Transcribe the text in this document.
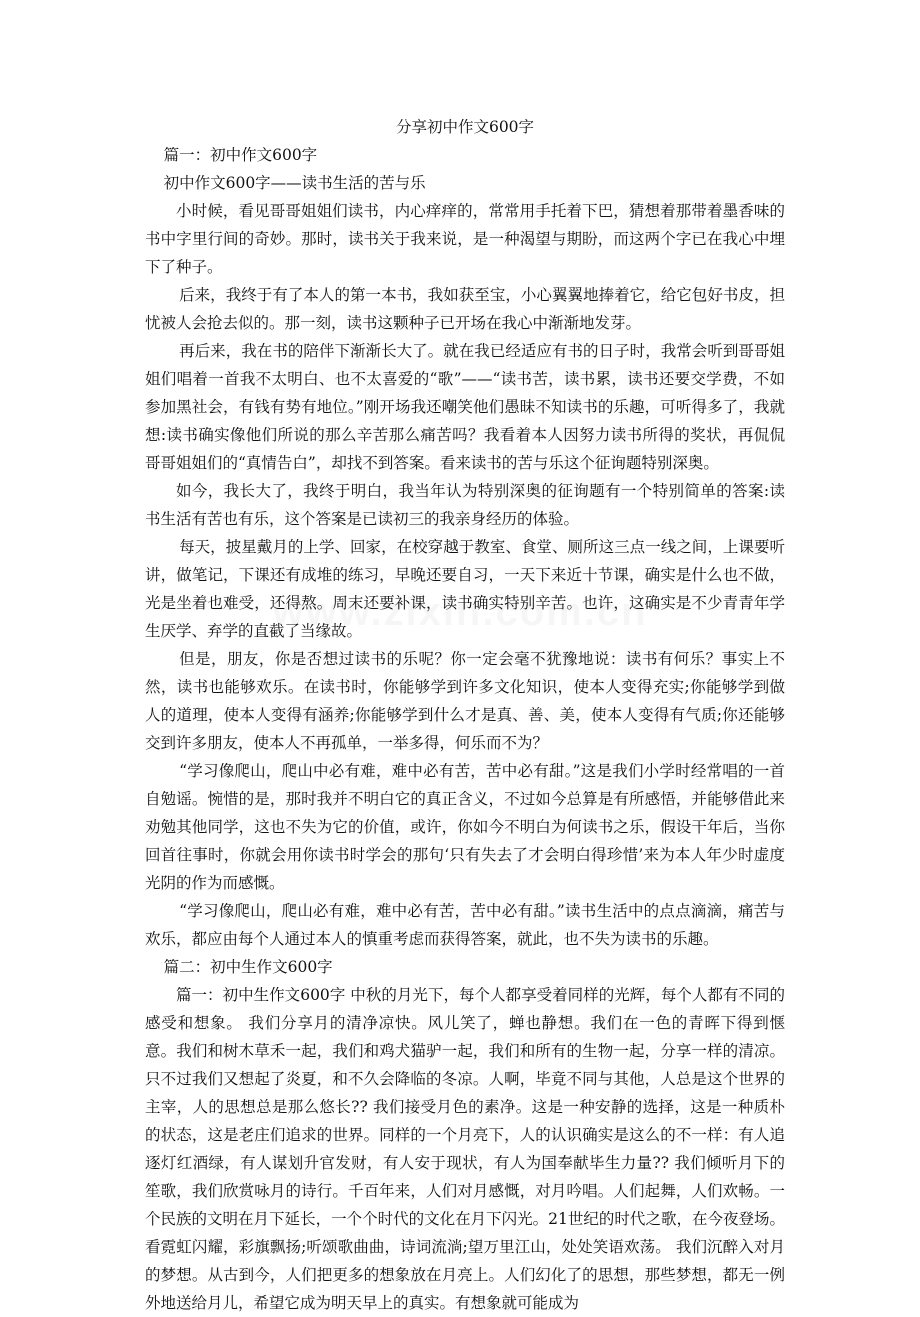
分享初中作文600字

篇一：初中作文600字

初中作文600字——读书生活的苦与乐

小时候，看见哥哥姐姐们读书，内心痒痒的，常常用手托着下巴，猜想着那带着墨香味的书中字里行间的奇妙。那时，读书关于我来说，是一种渴望与期盼，而这两个字已在我心中埋下了种子。

后来，我终于有了本人的第一本书，我如获至宝，小心翼翼地捧着它，给它包好书皮，担忧被人会抢去似的。那一刻，读书这颗种子已开场在我心中渐渐地发芽。

再后来，我在书的陪伴下渐渐长大了。就在我已经适应有书的日子时，我常会听到哥哥姐姐们唱着一首我不太明白、也不太喜爱的“歌”——“读书苦，读书累，读书还要交学费，不如参加黑社会，有钱有势有地位。”刚开场我还嘲笑他们愚昧不知读书的乐趣，可听得多了，我就想:读书确实像他们所说的那么辛苦那么痛苦吗？我看着本人因努力读书所得的奖状，再侃侃哥哥姐姐们的“真情告白”，却找不到答案。看来读书的苦与乐这个征询题特别深奥。

如今，我长大了，我终于明白，我当年认为特别深奥的征询题有一个特别简单的答案:读书生活有苦也有乐，这个答案是已读初三的我亲身经历的体验。

每天，披星戴月的上学、回家，在校穿越于教室、食堂、厕所这三点一线之间，上课要听讲，做笔记，下课还有成堆的练习，早晚还要自习，一天下来近十节课，确实是什么也不做，光是坐着也难受，还得熬。周末还要补课，读书确实特别辛苦。也许，这确实是不少青青年学生厌学、弃学的直截了当缘故。

但是，朋友，你是否想过读书的乐呢？你一定会毫不犹豫地说：读书有何乐？事实上不然，读书也能够欢乐。在读书时，你能够学到许多文化知识，使本人变得充实;你能够学到做人的道理，使本人变得有涵养;你能够学到什么才是真、善、美，使本人变得有气质;你还能够交到许多朋友，使本人不再孤单，一举多得，何乐而不为？

“学习像爬山，爬山中必有难，难中必有苦，苦中必有甜。”这是我们小学时经常唱的一首自勉谣。惋惜的是，那时我并不明白它的真正含义，不过如今总算是有所感悟，并能够借此来劝勉其他同学，这也不失为它的价值，或许，你如今不明白为何读书之乐，假设干年后，当你回首往事时，你就会用你读书时学会的那句‘只有失去了才会明白得珍惜’来为本人年少时虚度光阴的作为而感慨。

“学习像爬山，爬山必有难，难中必有苦，苦中必有甜。”读书生活中的点点滴滴，痛苦与欢乐，都应由每个人通过本人的慎重考虑而获得答案，就此，也不失为读书的乐趣。

篇二：初中生作文600字

篇一：初中生作文600字 中秋的月光下，每个人都享受着同样的光辉，每个人都有不同的感受和想象。 我们分享月的清净凉快。风儿笑了，蝉也静想。我们在一色的青晖下得到惬意。我们和树木草禾一起，我们和鸡犬猫驴一起，我们和所有的生物一起，分享一样的清凉。只不过我们又想起了炎夏，和不久会降临的冬凉。人啊，毕竟不同与其他，人总是这个世界的主宰，人的思想总是那么悠长?? 我们接受月色的素净。这是一种安静的选择，这是一种质朴的状态，这是老庄们追求的世界。同样的一个月亮下，人的认识确实是这么的不一样：有人追逐灯红酒绿，有人谋划升官发财，有人安于现状，有人为国奉献毕生力量?? 我们倾听月下的笙歌，我们欣赏咏月的诗行。千百年来，人们对月感慨，对月吟唱。人们起舞，人们欢畅。一个民族的文明在月下延长，一个个时代的文化在月下闪光。21世纪的时代之歌，在今夜登场。看霓虹闪耀，彩旗飘扬;听颂歌曲曲，诗词流淌;望万里江山，处处笑语欢荡。 我们沉醉入对月的梦想。从古到今，人们把更多的想象放在月亮上。人们幻化了的思想，那些梦想，都无一例外地送给月儿，希望它成为明天早上的真实。有想象就可能成为
